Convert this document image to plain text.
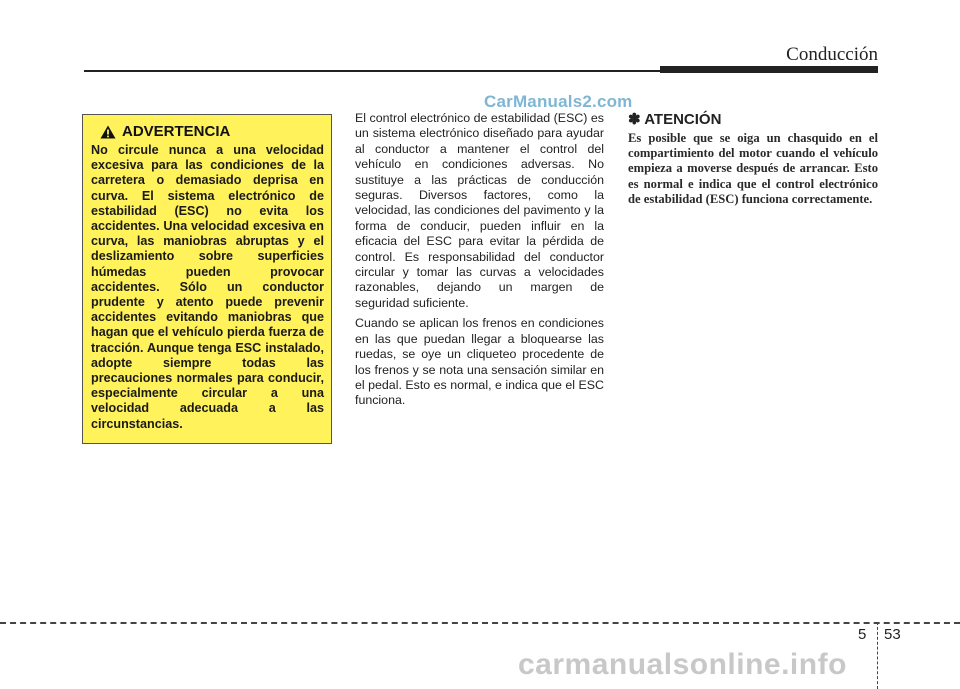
Conducción
CarManuals2.com
ADVERTENCIA

No circule nunca a una velocidad excesiva para las condiciones de la carretera o demasiado deprisa en curva. El sistema electrónico de estabilidad (ESC) no evita los accidentes. Una velocidad excesiva en curva, las maniobras abruptas y el deslizamiento sobre superficies húmedas pueden provocar accidentes. Sólo un conductor prudente y atento puede prevenir accidentes evitando maniobras que hagan que el vehículo pierda fuerza de tracción. Aunque tenga ESC instalado, adopte siempre todas las precauciones normales para conducir, especialmente circular a una velocidad adecuada a las circunstancias.

El control electrónico de estabilidad (ESC) es un sistema electrónico diseñado para ayudar al conductor a mantener el control del vehículo en condiciones adversas. No sustituye a las prácticas de conducción seguras. Diversos factores, como la velocidad, las condiciones del pavimento y la forma de conducir, pueden influir en la eficacia del ESC para evitar la pérdida de control. Es responsabilidad del conductor circular y tomar las curvas a velocidades razonables, dejando un margen de seguridad suficiente.

Cuando se aplican los frenos en condiciones en las que puedan llegar a bloquearse las ruedas, se oye un cliqueteo procedente de los frenos y se nota una sensación similar en el pedal. Esto es normal, e indica que el ESC funciona.

✽ ATENCIÓN

Es posible que se oiga un chasquido en el compartimiento del motor cuando el vehículo empieza a moverse después de arrancar. Esto es normal e indica que el control electrónico de estabilidad (ESC) funciona correctamente.

5 53
carmanualsonline.info
